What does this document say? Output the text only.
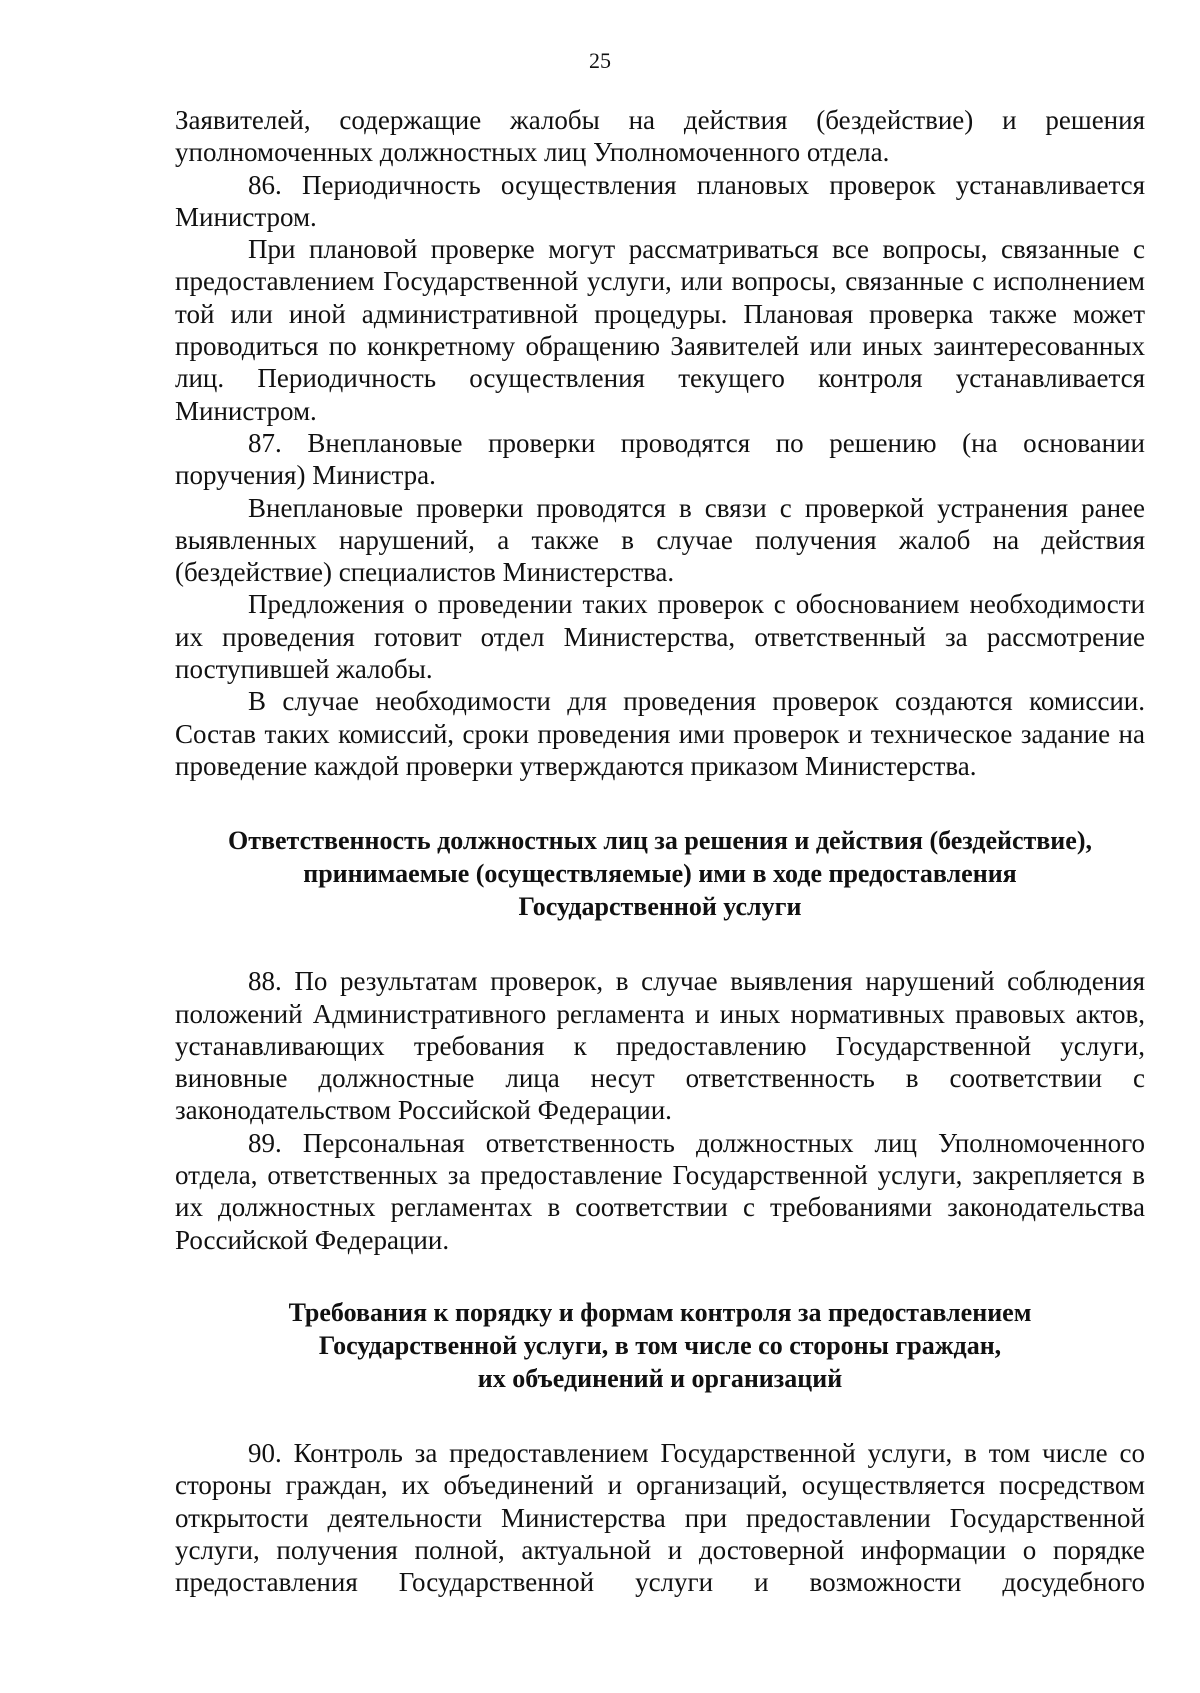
25

Заявителей, содержащие жалобы на действия (бездействие) и решения уполномоченных должностных лиц Уполномоченного отдела.

86. Периодичность осуществления плановых проверок устанавливается Министром.

При плановой проверке могут рассматриваться все вопросы, связанные с предоставлением Государственной услуги, или вопросы, связанные с исполнением той или иной административной процедуры. Плановая проверка также может проводиться по конкретному обращению Заявителей или иных заинтересованных лиц. Периодичность осуществления текущего контроля устанавливается Министром.

87. Внеплановые проверки проводятся по решению (на основании поручения) Министра.

Внеплановые проверки проводятся в связи с проверкой устранения ранее выявленных нарушений, а также в случае получения жалоб на действия (бездействие) специалистов Министерства.

Предложения о проведении таких проверок с обоснованием необходимости их проведения готовит отдел Министерства, ответственный за рассмотрение поступившей жалобы.

В случае необходимости для проведения проверок создаются комиссии. Состав таких комиссий, сроки проведения ими проверок и техническое задание на проведение каждой проверки утверждаются приказом Министерства.

Ответственность должностных лиц за решения и действия (бездействие),
принимаемые (осуществляемые) ими в ходе предоставления
Государственной услуги

88. По результатам проверок, в случае выявления нарушений соблюдения положений Административного регламента и иных нормативных правовых актов, устанавливающих требования к предоставлению Государственной услуги, виновные должностные лица несут ответственность в соответствии с законодательством Российской Федерации.

89. Персональная ответственность должностных лиц Уполномоченного отдела, ответственных за предоставление Государственной услуги, закрепляется в их должностных регламентах в соответствии с требованиями законодательства Российской Федерации.

Требования к порядку и формам контроля за предоставлением
Государственной услуги, в том числе со стороны граждан,
их объединений и организаций

90. Контроль за предоставлением Государственной услуги, в том числе со стороны граждан, их объединений и организаций, осуществляется посредством открытости деятельности Министерства при предоставлении Государственной услуги, получения полной, актуальной и достоверной информации о порядке предоставления Государственной услуги и возможности досудебного
